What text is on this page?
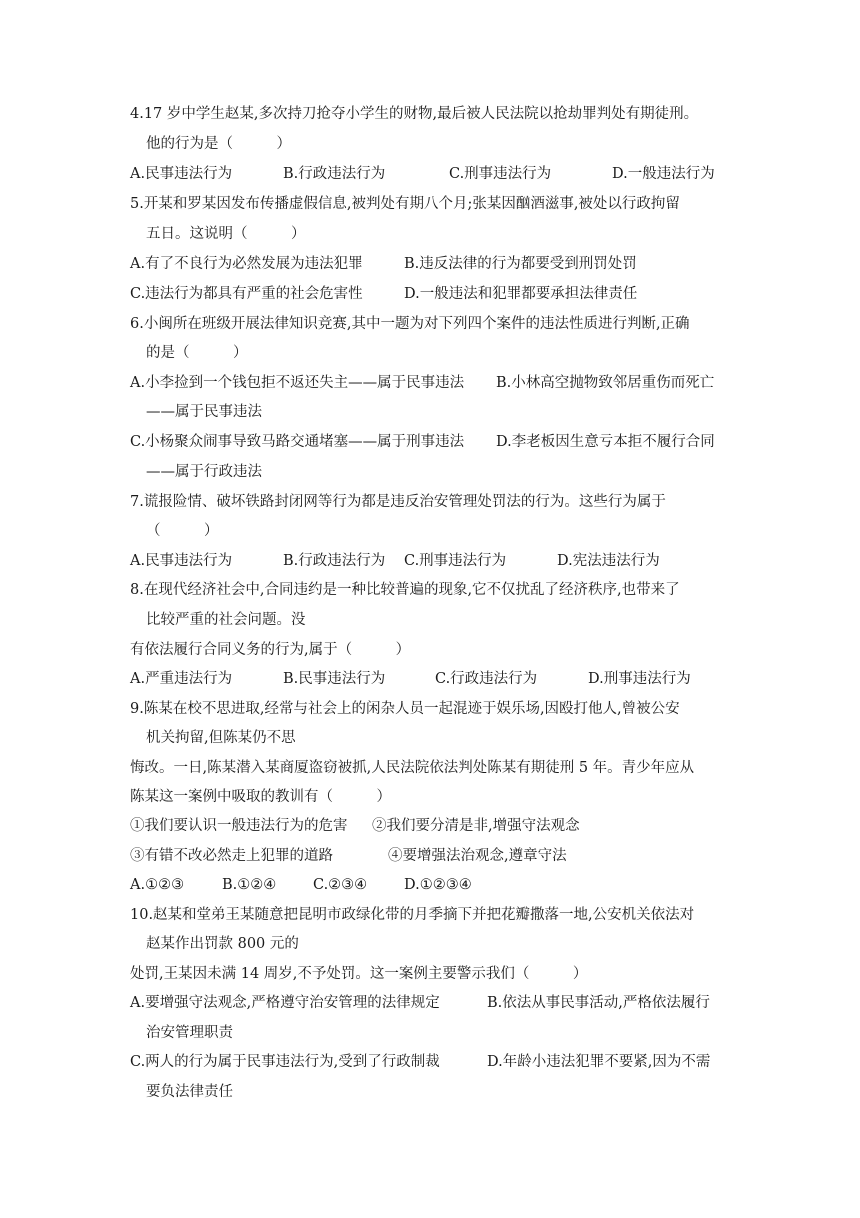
4.17 岁中学生赵某,多次持刀抢夺小学生的财物,最后被人民法院以抢劫罪判处有期徒刑。
他的行为是（　　　）
A.民事违法行为	B.行政违法行为	C.刑事违法行为	D.一般违法行为
5.开某和罗某因发布传播虚假信息,被判处有期八个月;张某因酗酒滋事,被处以行政拘留
五日。这说明（　　　）
A.有了不良行为必然发展为违法犯罪	B.违反法律的行为都要受到刑罚处罚
C.违法行为都具有严重的社会危害性	D.一般违法和犯罪都要承担法律责任
6.小闽所在班级开展法律知识竞赛,其中一题为对下列四个案件的违法性质进行判断,正确
的是（　　　）
A.小李捡到一个钱包拒不返还失主——属于民事违法 B.小林高空抛物致邻居重伤而死亡
——属于民事违法
C.小杨聚众闹事导致马路交通堵塞——属于刑事违法 D.李老板因生意亏本拒不履行合同
——属于行政违法
7.谎报险情、破坏铁路封闭网等行为都是违反治安管理处罚法的行为。这些行为属于
（　　　）
A.民事违法行为	B.行政违法行为 C.刑事违法行为	D.宪法违法行为
8.在现代经济社会中,合同违约是一种比较普遍的现象,它不仅扰乱了经济秩序,也带来了
比较严重的社会问题。没
有依法履行合同义务的行为,属于（　　　）
A.严重违法行为	B.民事违法行为	C.行政违法行为	D.刑事违法行为
9.陈某在校不思进取,经常与社会上的闲杂人员一起混迹于娱乐场,因殴打他人,曾被公安
机关拘留,但陈某仍不思
悔改。一日,陈某潜入某商厦盗窃被抓,人民法院依法判处陈某有期徒刑 5 年。青少年应从
陈某这一案例中吸取的教训有（　　　）
①我们要认识一般违法行为的危害 ②我们要分清是非,增强守法观念
③有错不改必然走上犯罪的道路	④要增强法治观念,遵章守法
A.①②③	B.①②④	C.②③④	D.①②③④
10.赵某和堂弟王某随意把昆明市政绿化带的月季摘下并把花瓣撒落一地,公安机关依法对
赵某作出罚款 800 元的
处罚,王某因未满 14 周岁,不予处罚。这一案例主要警示我们（　　　）
A.要增强守法观念,严格遵守治安管理的法律规定	B.依法从事民事活动,严格依法履行
治安管理职责
C.两人的行为属于民事违法行为,受到了行政制裁	D.年龄小违法犯罪不要紧,因为不需
要负法律责任
